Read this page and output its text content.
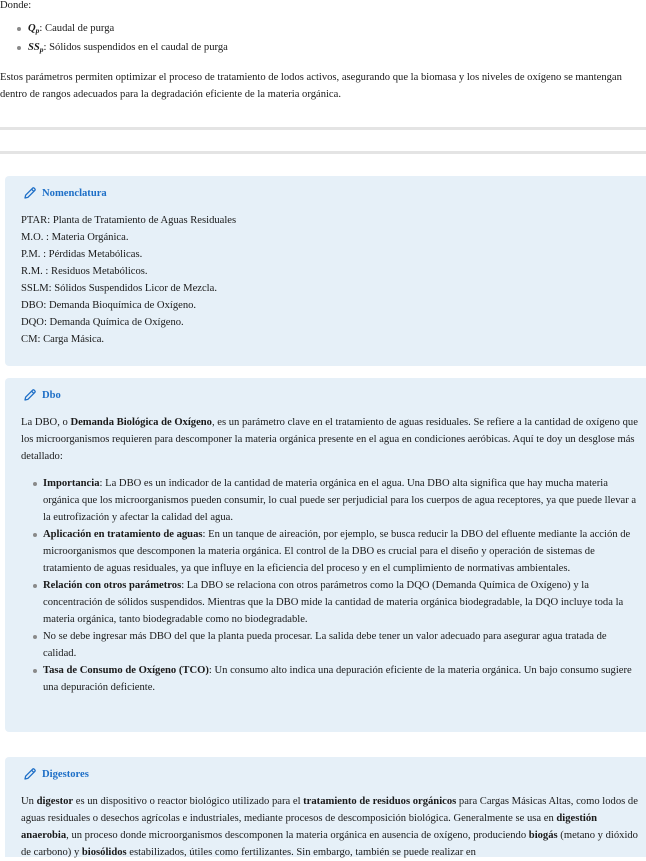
Donde:

$Q_p$: Caudal de purga
$SS_p$: Sólidos suspendidos en el caudal de purga

Estos parámetros permiten optimizar el proceso de tratamiento de lodos activos, asegurando que la biomasa y los niveles de oxígeno se mantengan dentro de rangos adecuados para la degradación eficiente de la materia orgánica.

Nomenclatura
PTAR: Planta de Tratamiento de Aguas Residuales
M.O. : Materia Orgánica.
P.M. : Pérdidas Metabólicas.
R.M. : Residuos Metabólicos.
SSLM: Sólidos Suspendidos Licor de Mezcla.
DBO: Demanda Bioquímica de Oxígeno.
DQO: Demanda Química de Oxígeno.
CM: Carga Másica.
Dbo

La DBO, o Demanda Biológica de Oxígeno, es un parámetro clave en el tratamiento de aguas residuales. Se refiere a la cantidad de oxígeno que los microorganismos requieren para descomponer la materia orgánica presente en el agua en condiciones aeróbicas. Aquí te doy un desglose más detallado:

Importancia: La DBO es un indicador de la cantidad de materia orgánica en el agua. Una DBO alta significa que hay mucha materia orgánica que los microorganismos pueden consumir, lo cual puede ser perjudicial para los cuerpos de agua receptores, ya que puede llevar a la eutrofización y afectar la calidad del agua.
Aplicación en tratamiento de aguas: En un tanque de aireación, por ejemplo, se busca reducir la DBO del efluente mediante la acción de microorganismos que descomponen la materia orgánica. El control de la DBO es crucial para el diseño y operación de sistemas de tratamiento de aguas residuales, ya que influye en la eficiencia del proceso y en el cumplimiento de normativas ambientales.
Relación con otros parámetros: La DBO se relaciona con otros parámetros como la DQO (Demanda Química de Oxígeno) y la concentración de sólidos suspendidos. Mientras que la DBO mide la cantidad de materia orgánica biodegradable, la DQO incluye toda la materia orgánica, tanto biodegradable como no biodegradable.
No se debe ingresar más DBO del que la planta pueda procesar. La salida debe tener un valor adecuado para asegurar agua tratada de calidad.
Tasa de Consumo de Oxígeno (TCO): Un consumo alto indica una depuración eficiente de la materia orgánica. Un bajo consumo sugiere una depuración deficiente.
Digestores

Un digestor es un dispositivo o reactor biológico utilizado para el tratamiento de residuos orgánicos para Cargas Másicas Altas, como lodos de aguas residuales o desechos agrícolas e industriales, mediante procesos de descomposición biológica. Generalmente se usa en digestión anaerobia, un proceso donde microorganismos descomponen la materia orgánica en ausencia de oxígeno, produciendo biogás (metano y dióxido de carbono) y biosólidos estabilizados, útiles como fertilizantes. Sin embargo, también se puede realizar en
